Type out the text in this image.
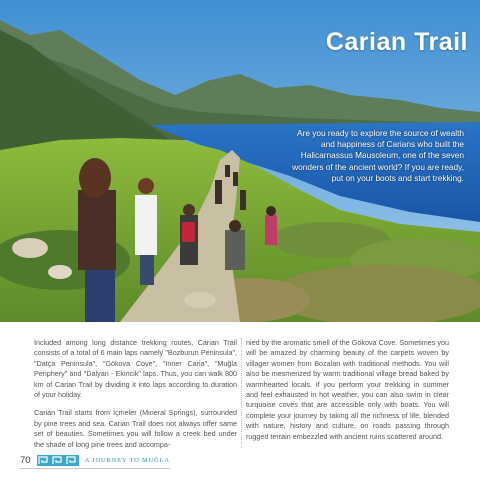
Carian Trail
Are you ready to explore the source of wealth and happiness of Carians who built the Halicarnassus Mausoleum, one of the seven wonders of the ancient world? If you are ready, put on your boots and start trekking.

Included among long distance trekking routes, Carian Trail consists of a total of 6 main laps namely "Bozburun Peninsula", "Datça Peninsula", "Gökova Cove", "Inner Caria", "Muğla Periphery" and "Dalyan - Ekincik" laps. Thus, you can walk 800 km of Carian Trail by dividing it into laps according to duration of your holiday.

Carian Trail starts from İçmeler (Mineral Springs), surrounded by pine trees and sea. Carian Trail does not always offer same set of beauties. Sometimes you will follow a creek bed under the shade of long pine trees and accompa-

nied by the aromatic smell of the Gökova Cove. Sometimes you will be amazed by charming beauty of the carpets woven by villager women from Bozalan with traditional methods. You will also be mesmerized by warm traditional village bread baked by warmhearted locals. If you perform your trekking in summer and feel exhausted in hot weather, you can also swim in clear turquoise coves that are accessible only with boats. You will complete your journey by taking all the richness of life, blended with nature, history and culture, on roads passing through rugged terrain embezzled with ancient ruins scattered around.

70	A JOURNEY TO MUĞLA
